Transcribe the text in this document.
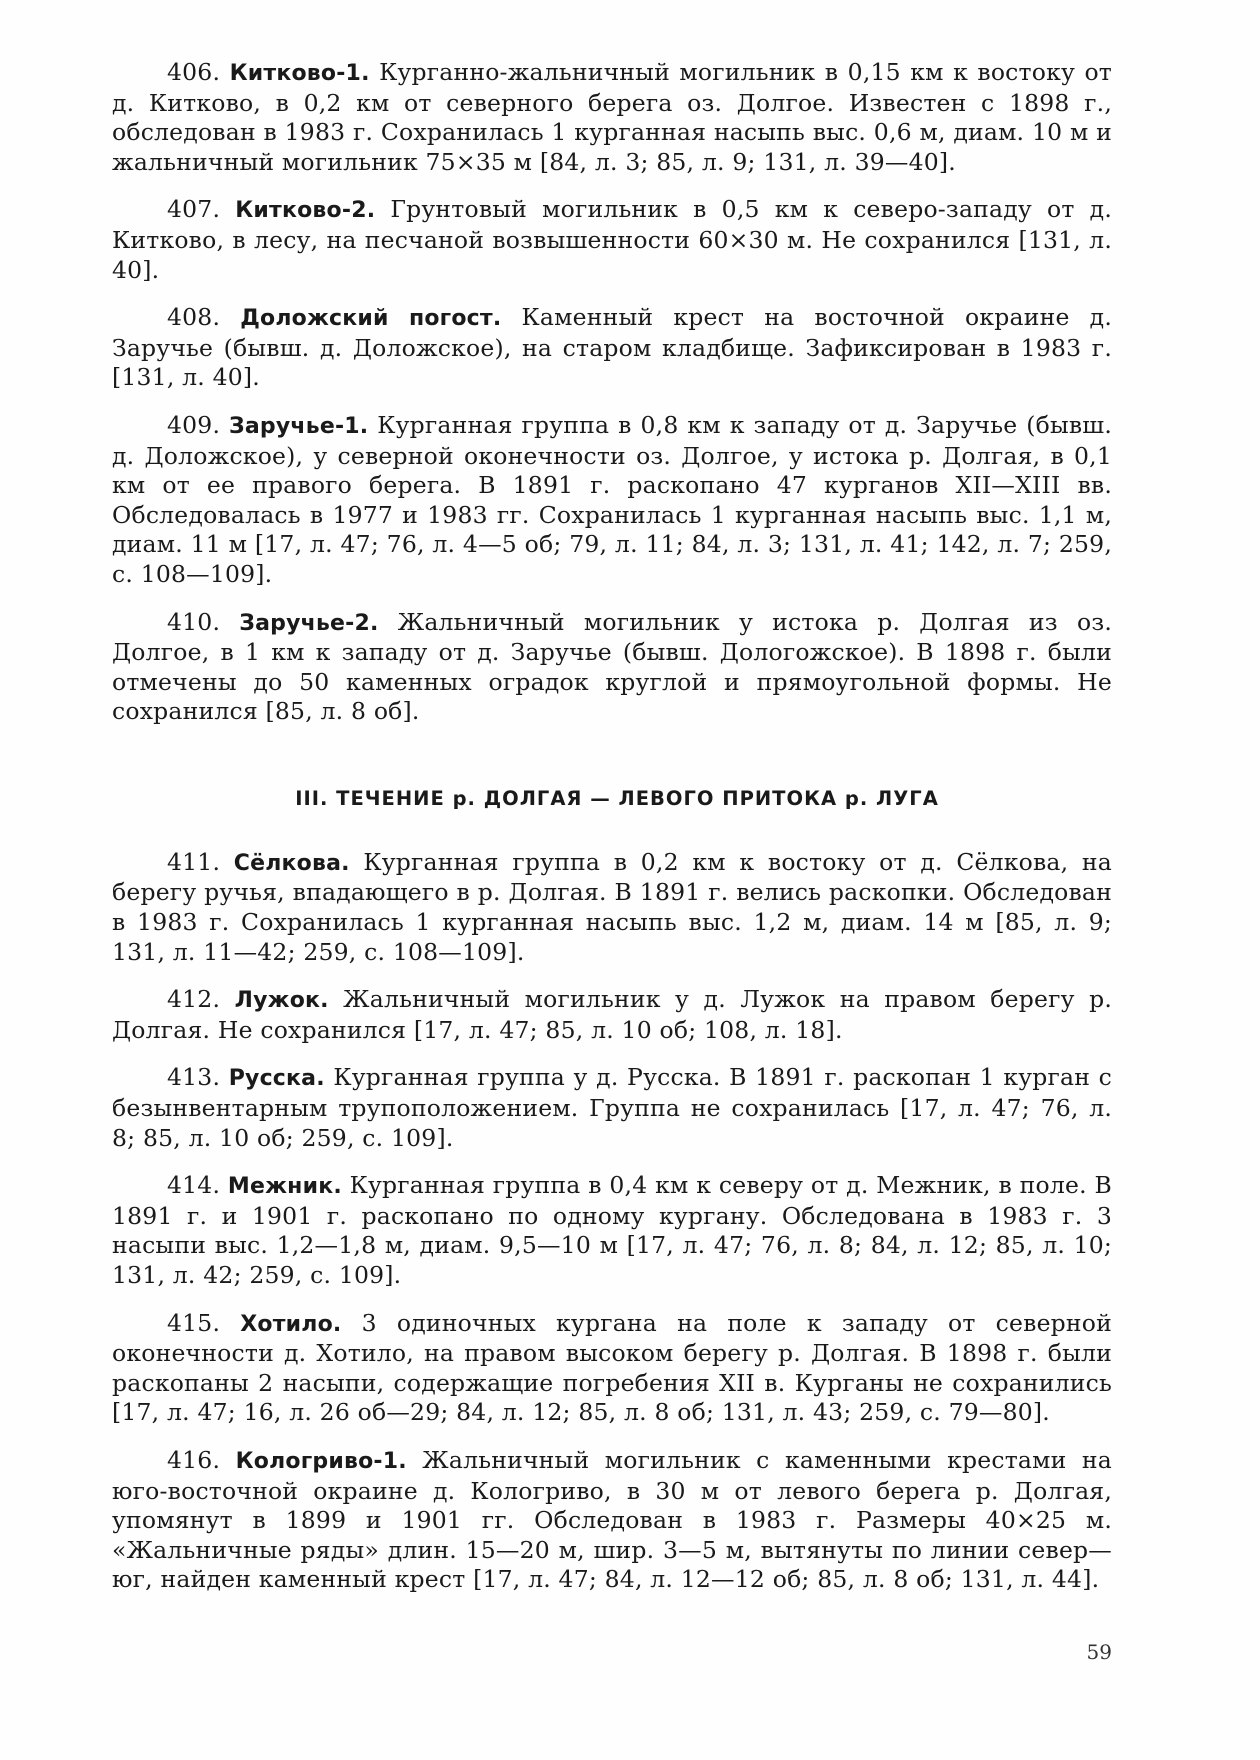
406. Китково-1. Курганно-жальничный могильник в 0,15 км к востоку от д. Китково, в 0,2 км от северного берега оз. Долгое. Известен с 1898 г., обследован в 1983 г. Сохранилась 1 курганная насыпь выс. 0,6 м, диам. 10 м и жальничный могильник 75×35 м [84, л. 3; 85, л. 9; 131, л. 39—40].

407. Китково-2. Грунтовый могильник в 0,5 км к северо-западу от д. Китково, в лесу, на песчаной возвышенности 60×30 м. Не сохранился [131, л. 40].

408. Доложский погост. Каменный крест на восточной окраине д. Заручье (бывш. д. Доложское), на старом кладбище. Зафиксирован в 1983 г. [131, л. 40].

409. Заручье-1. Курганная группа в 0,8 км к западу от д. Заручье (бывш. д. Доложское), у северной оконечности оз. Долгое, у истока р. Долгая, в 0,1 км от ее правого берега. В 1891 г. раскопано 47 курганов XII—XIII вв. Обследовалась в 1977 и 1983 гг. Сохранилась 1 курганная насыпь выс. 1,1 м, диам. 11 м [17, л. 47; 76, л. 4—5 об; 79, л. 11; 84, л. 3; 131, л. 41; 142, л. 7; 259, с. 108—109].

410. Заручье-2. Жальничный могильник у истока р. Долгая из оз. Долгое, в 1 км к западу от д. Заручье (бывш. Дологожское). В 1898 г. были отмечены до 50 каменных оградок круглой и прямоугольной формы. Не сохранился [85, л. 8 об].

III. ТЕЧЕНИЕ р. ДОЛГАЯ — ЛЕВОГО ПРИТОКА р. ЛУГА

411. Сёлкова. Курганная группа в 0,2 км к востоку от д. Сёлкова, на берегу ручья, впадающего в р. Долгая. В 1891 г. велись раскопки. Обследован в 1983 г. Сохранилась 1 курганная насыпь выс. 1,2 м, диам. 14 м [85, л. 9; 131, л. 11—42; 259, с. 108—109].

412. Лужок. Жальничный могильник у д. Лужок на правом берегу р. Долгая. Не сохранился [17, л. 47; 85, л. 10 об; 108, л. 18].

413. Русска. Курганная группа у д. Русска. В 1891 г. раскопан 1 курган с безынвентарным трупоположением. Группа не сохранилась [17, л. 47; 76, л. 8; 85, л. 10 об; 259, с. 109].

414. Межник. Курганная группа в 0,4 км к северу от д. Межник, в поле. В 1891 г. и 1901 г. раскопано по одному кургану. Обследована в 1983 г. 3 насыпи выс. 1,2—1,8 м, диам. 9,5—10 м [17, л. 47; 76, л. 8; 84, л. 12; 85, л. 10; 131, л. 42; 259, с. 109].

415. Хотило. 3 одиночных кургана на поле к западу от северной оконечности д. Хотило, на правом высоком берегу р. Долгая. В 1898 г. были раскопаны 2 насыпи, содержащие погребения XII в. Курганы не сохранились [17, л. 47; 16, л. 26 об—29; 84, л. 12; 85, л. 8 об; 131, л. 43; 259, с. 79—80].

416. Кологриво-1. Жальничный могильник с каменными крестами на юго-восточной окраине д. Кологриво, в 30 м от левого берега р. Долгая, упомянут в 1899 и 1901 гг. Обследован в 1983 г. Размеры 40×25 м. «Жальничные ряды» длин. 15—20 м, шир. 3—5 м, вытянуты по линии север—юг, найден каменный крест [17, л. 47; 84, л. 12—12 об; 85, л. 8 об; 131, л. 44].

59
